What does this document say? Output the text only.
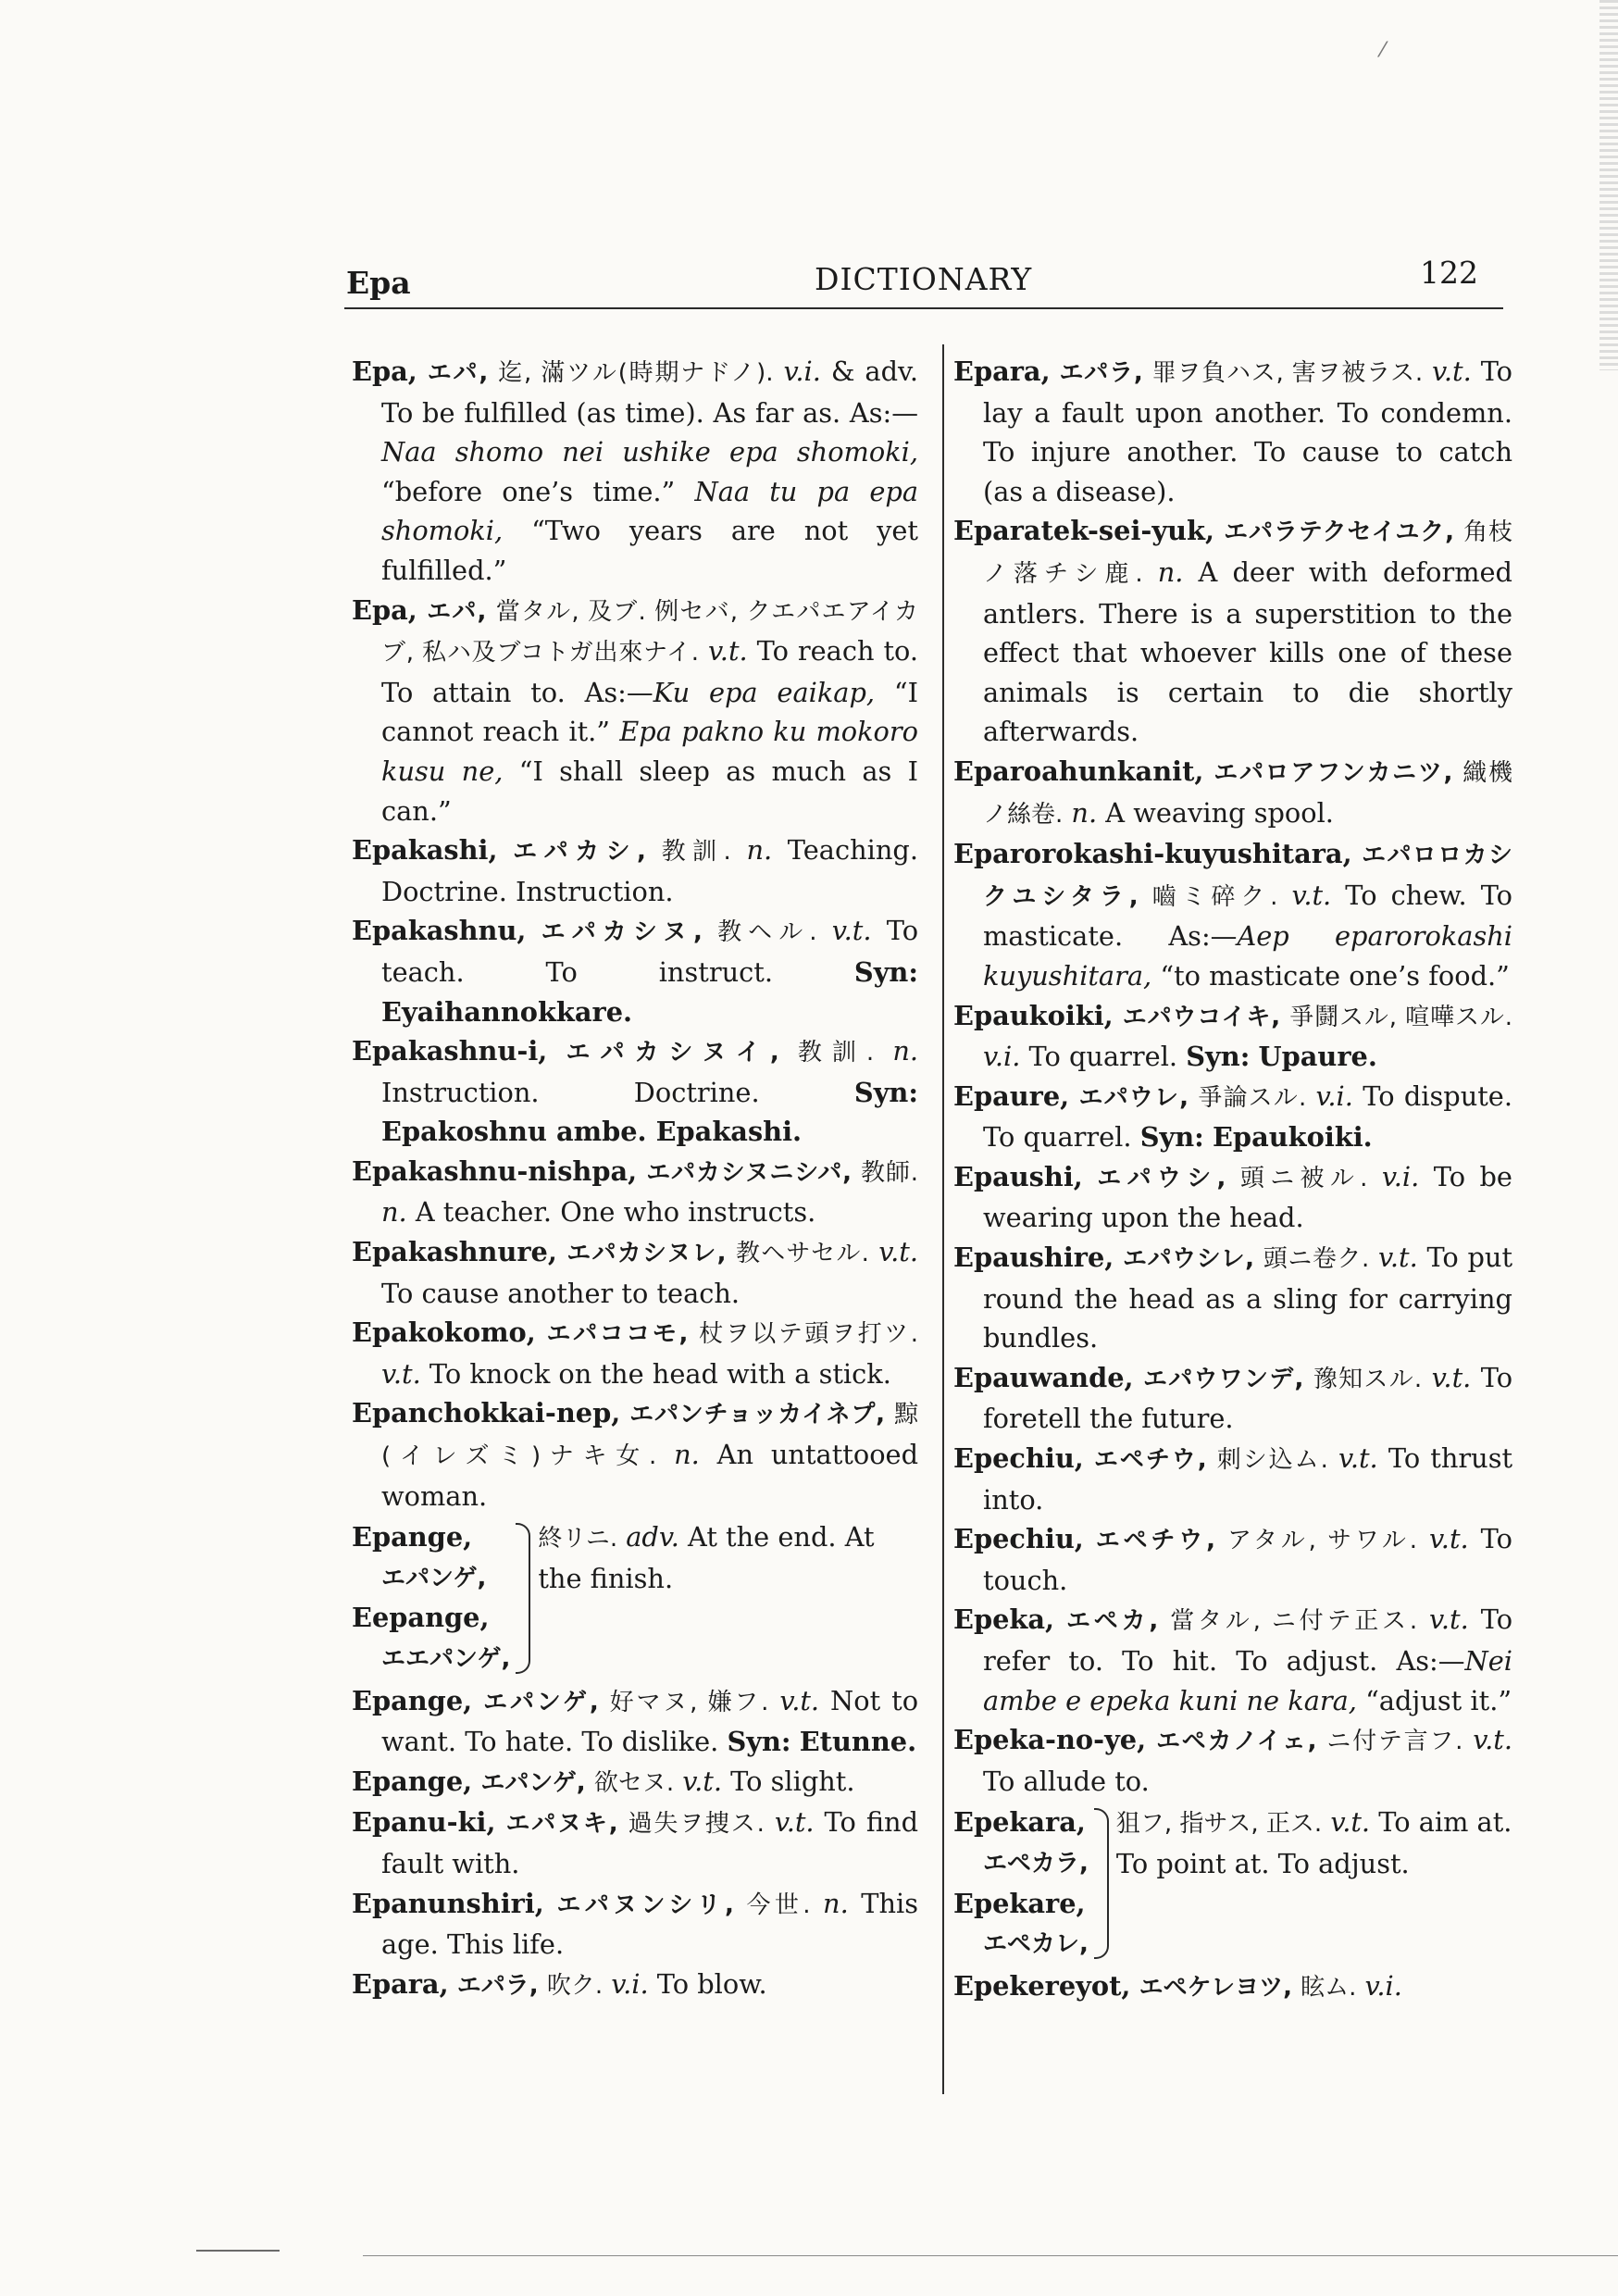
⁄
Epa	DICTIONARY	122
Epa, エパ, 迄, 滿ツル(時期ナドノ). v.i. & adv. To be fulfilled (as time). As far as. As:—Naa shomo nei ushike epa shomoki, “before one’s time.” Naa tu pa epa shomoki, “Two years are not yet fulfilled.”
Epa, エパ, 當タル, 及ブ. 例セバ, クエパエアイカブ, 私ハ及ブコトガ出來ナイ. v.t. To reach to. To attain to. As:—Ku epa eaikap, “I cannot reach it.” Epa pakno ku mokoro kusu ne, “I shall sleep as much as I can.”
Epakashi, エパカシ, 教訓. n. Teaching. Doctrine. Instruction.
Epakashnu, エパカシヌ, 教ヘル. v.t. To teach. To instruct.	Syn: Eyaihannokkare.
Epakashnu-i, エパカシヌイ, 教訓. n. Instruction. Doctrine.	Syn: Epakoshnu ambe. Epakashi.
Epakashnu-nishpa, エパカシヌニシパ, 教師. n. A teacher. One who instructs.
Epakashnure, エパカシヌレ, 教ヘサセル. v.t. To cause another to teach.
Epakokomo, エパココモ, 杖ヲ以テ頭ヲ打ツ. v.t. To knock on the head with a stick.
Epanchokkai-nep, エパンチョッカイネプ, 黥(イレズミ)ナキ女. n. An untattooed woman.
Epange,
エパンゲ,
Eepange,
エエパンゲ,
終リニ. adv. At the end. At the finish.
Epange, エパンゲ, 好マヌ, 嫌フ. v.t. Not to want. To hate. To dislike. Syn: Etunne.
Epange, エパンゲ, 欲セヌ. v.t. To slight.
Epanu-ki, エパヌキ, 過失ヲ捜ス. v.t. To find fault with.
Epanunshiri, エパヌンシリ, 今世. n. This age. This life.
Epara, エパラ, 吹ク. v.i. To blow.
Epara, エパラ, 罪ヲ負ハス, 害ヲ被ラス. v.t. To lay a fault upon another. To condemn. To injure another. To cause to catch (as a disease).
Eparatek-sei-yuk, エパラテクセイユク, 角枝ノ落チシ鹿. n. A deer with deformed antlers. There is a superstition to the effect that whoever kills one of these animals is certain to die shortly afterwards.
Eparoahunkanit, エパロアフンカニツ, 織機ノ絲卷. n. A weaving spool.
Eparorokashi-kuyushitara, エパロロカシクユシタラ, 嚙ミ碎ク. v.t. To chew. To masticate. As:—Aep eparorokashi kuyushitara, “to masticate one’s food.”
Epaukoiki, エパウコイキ, 爭鬪スル, 喧嘩スル. v.i. To quarrel. Syn: Upaure.
Epaure, エパウレ, 爭論スル. v.i. To dispute. To quarrel. Syn: Epaukoiki.
Epaushi, エパウシ, 頭ニ被ル. v.i. To be wearing upon the head.
Epaushire, エパウシレ, 頭ニ卷ク. v.t. To put round the head as a sling for carrying bundles.
Epauwande, エパウワンデ, 豫知スル. v.t. To foretell the future.
Epechiu, エペチウ, 刺シ込ム. v.t. To thrust into.
Epechiu, エペチウ, アタル, サワル. v.t. To touch.
Epeka, エペカ, 當タル, ニ付テ正ス. v.t. To refer to. To hit. To adjust. As:—Nei ambe e epeka kuni ne kara, “adjust it.”
Epeka-no-ye, エペカノイェ, ニ付テ言フ. v.t. To allude to.
Epekara,
エペカラ,
Epekare,
エペカレ,
狙フ, 指サス, 正ス. v.t. To aim at. To point at. To adjust.
Epekereyot, エペケレヨツ, 眩ム. v.i.
